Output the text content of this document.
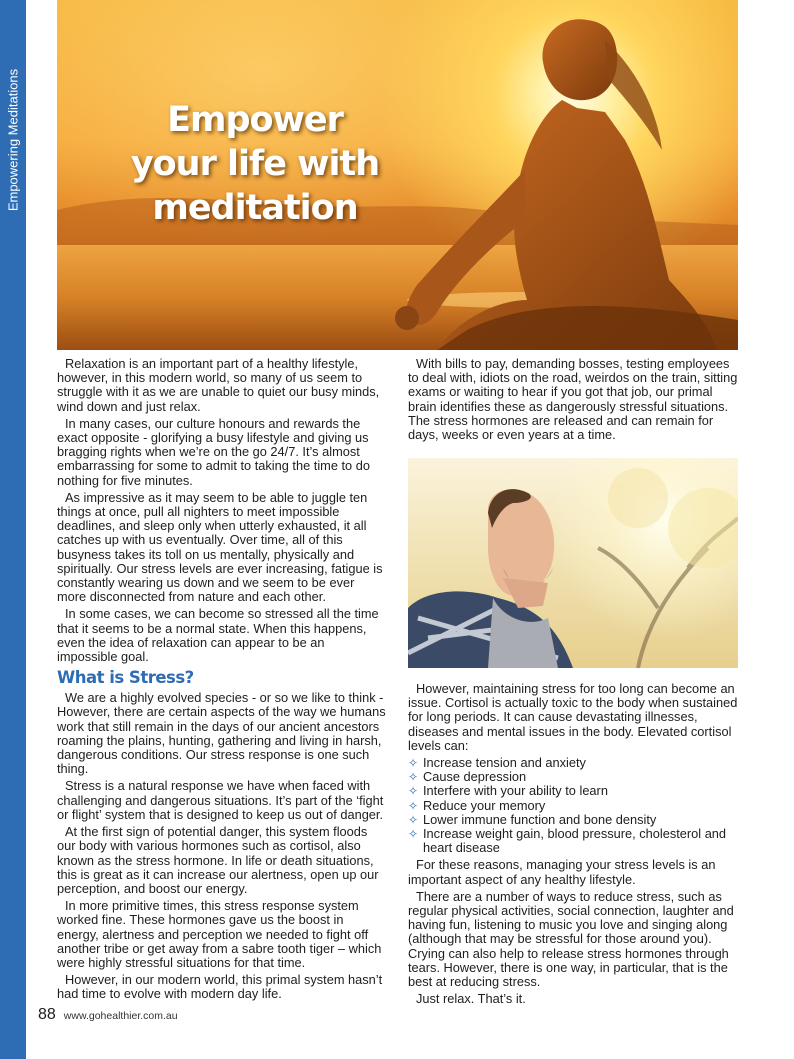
Empowering Meditations	Empower your life with meditation

Relaxation is an important part of a healthy lifestyle, however, in this modern world, so many of us seem to struggle with it as we are unable to quiet our busy minds, wind down and just relax.

In many cases, our culture honours and rewards the exact opposite - glorifying a busy lifestyle and giving us bragging rights when we’re on the go 24/7. It’s almost embarrassing for some to admit to taking the time to do nothing for five minutes.

As impressive as it may seem to be able to juggle ten things at once, pull all nighters to meet impossible deadlines, and sleep only when utterly exhausted, it all catches up with us eventually. Over time, all of this busyness takes its toll on us mentally, physically and spiritually. Our stress levels are ever increasing, fatigue is constantly wearing us down and we seem to be ever more disconnected from nature and each other.

In some cases, we can become so stressed all the time that it seems to be a normal state. When this happens, even the idea of relaxation can appear to be an impossible goal.

What is Stress?

We are a highly evolved species - or so we like to think -However, there are certain aspects of the way we humans work that still remain in the days of our ancient ancestors roaming the plains, hunting, gathering and living in harsh, dangerous conditions. Our stress response is one such thing.

Stress is a natural response we have when faced with challenging and dangerous situations. It’s part of the ‘fight or flight’ system that is designed to keep us out of danger.

At the first sign of potential danger, this system floods our body with various hormones such as cortisol, also known as the stress hormone. In life or death situations, this is great as it can increase our alertness, open up our perception, and boost our energy.

In more primitive times, this stress response system worked fine. These hormones gave us the boost in energy, alertness and perception we needed to fight off another tribe or get away from a sabre tooth tiger – which were highly stressful situations for that time.

However, in our modern world, this primal system hasn’t had time to evolve with modern day life.

With bills to pay, demanding bosses, testing employees to deal with, idiots on the road, weirdos on the train, sitting exams or waiting to hear if you got that job, our primal brain identifies these as dangerously stressful situations. The stress hormones are released and can remain for days, weeks or even years at a time.

However, maintaining stress for too long can become an issue. Cortisol is actually toxic to the body when sustained for long periods. It can cause devastating illnesses, diseases and mental issues in the body. Elevated cortisol levels can:

✧ Increase tension and anxiety
✧ Cause depression
✧ Interfere with your ability to learn
✧ Reduce your memory
✧ Lower immune function and bone density
✧ Increase weight gain, blood pressure, cholesterol and heart disease

For these reasons, managing your stress levels is an important aspect of any healthy lifestyle.

There are a number of ways to reduce stress, such as regular physical activities, social connection, laughter and having fun, listening to music you love and singing along (although that may be stressful for those around you). Crying can also help to release stress hormones through tears. However, there is one way, in particular, that is the best at reducing stress.

Just relax. That’s it.

88 www.gohealthier.com.au
